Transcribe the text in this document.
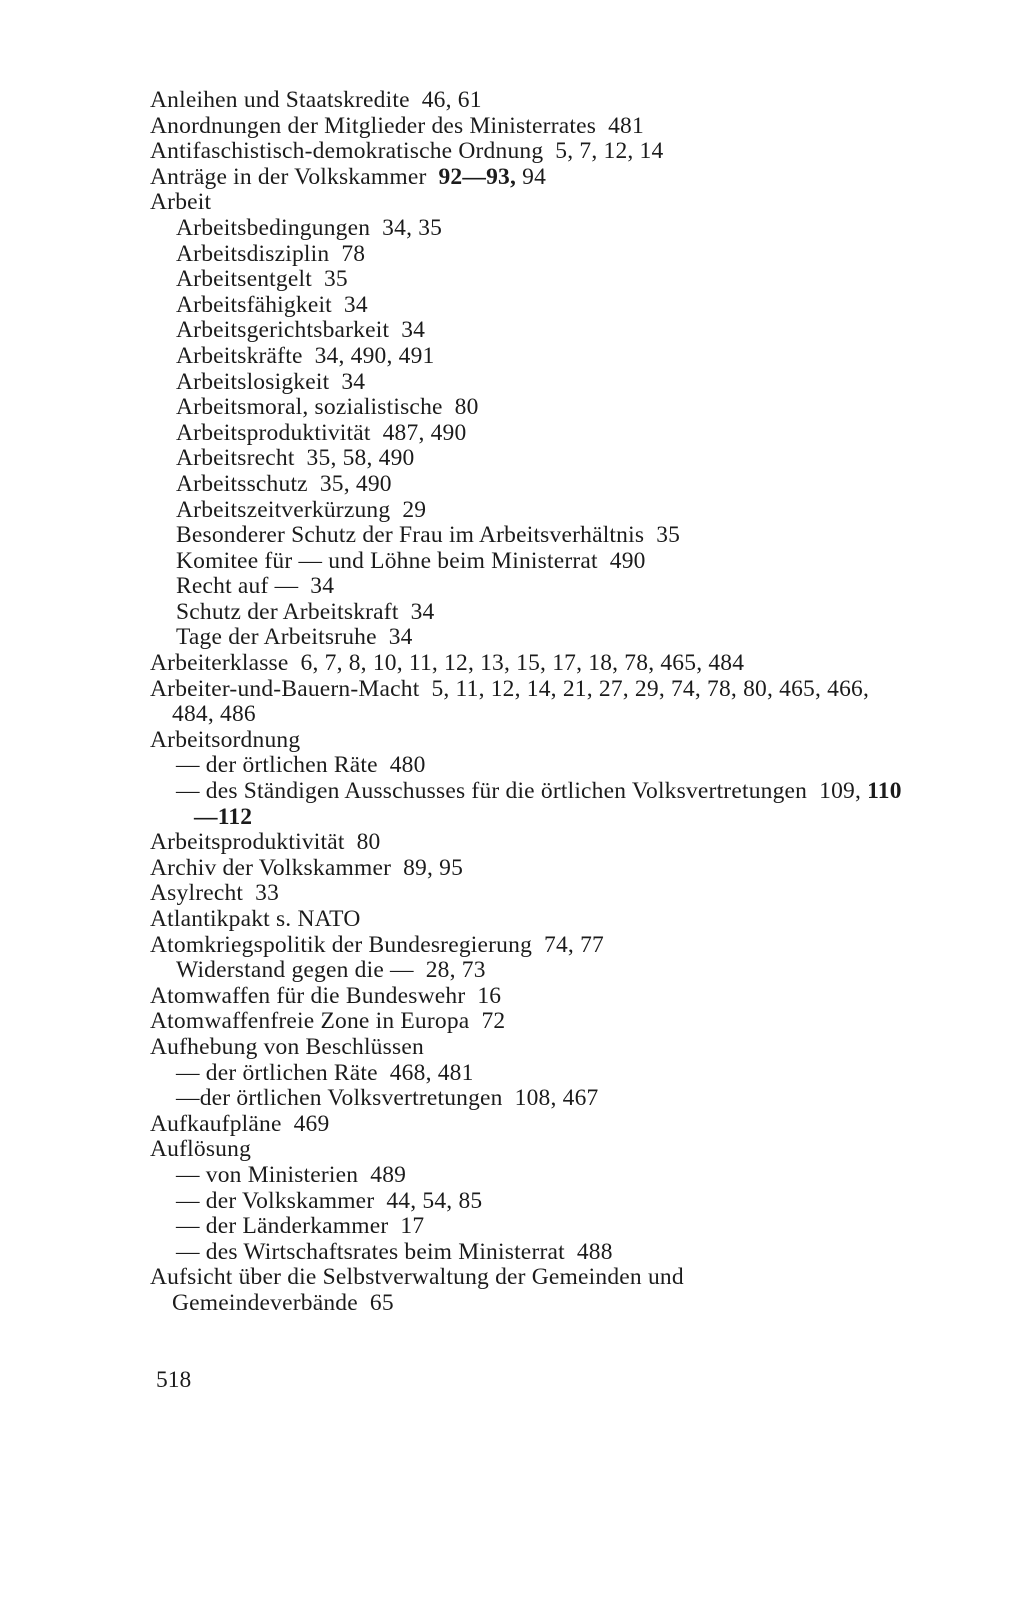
Anleihen und Staatskredite 46, 61
Anordnungen der Mitglieder des Ministerrates 481
Antifaschistisch-demokratische Ordnung 5, 7, 12, 14
Anträge in der Volkskammer 92—93, 94
Arbeit
Arbeitsbedingungen 34, 35
Arbeitsdisziplin 78
Arbeitsentgelt 35
Arbeitsfähigkeit 34
Arbeitsgerichtsbarkeit 34
Arbeitskräfte 34, 490, 491
Arbeitslosigkeit 34
Arbeitsmoral, sozialistische 80
Arbeitsproduktivität 487, 490
Arbeitsrecht 35, 58, 490
Arbeitsschutz 35, 490
Arbeitszeitverkürzung 29
Besonderer Schutz der Frau im Arbeitsverhältnis 35
Komitee für — und Löhne beim Ministerrat 490
Recht auf — 34
Schutz der Arbeitskraft 34
Tage der Arbeitsruhe 34
Arbeiterklasse 6, 7, 8, 10, 11, 12, 13, 15, 17, 18, 78, 465, 484
Arbeiter-und-Bauern-Macht 5, 11, 12, 14, 21, 27, 29, 74, 78, 80, 465, 466, 484, 486
Arbeitsordnung
— der örtlichen Räte 480
— des Ständigen Ausschusses für die örtlichen Volksvertretungen 109, 110—112
Arbeitsproduktivität 80
Archiv der Volkskammer 89, 95
Asylrecht 33
Atlantikpakt s. NATO
Atomkriegspolitik der Bundesregierung 74, 77
Widerstand gegen die — 28, 73
Atomwaffen für die Bundeswehr 16
Atomwaffenfreie Zone in Europa 72
Aufhebung von Beschlüssen
— der örtlichen Räte 468, 481
—der örtlichen Volksvertretungen 108, 467
Aufkaufpläne 469
Auflösung
— von Ministerien 489
— der Volkskammer 44, 54, 85
— der Länderkammer 17
— des Wirtschaftsrates beim Ministerrat 488
Aufsicht über die Selbstverwaltung der Gemeinden und Gemeindeverbände 65
518
